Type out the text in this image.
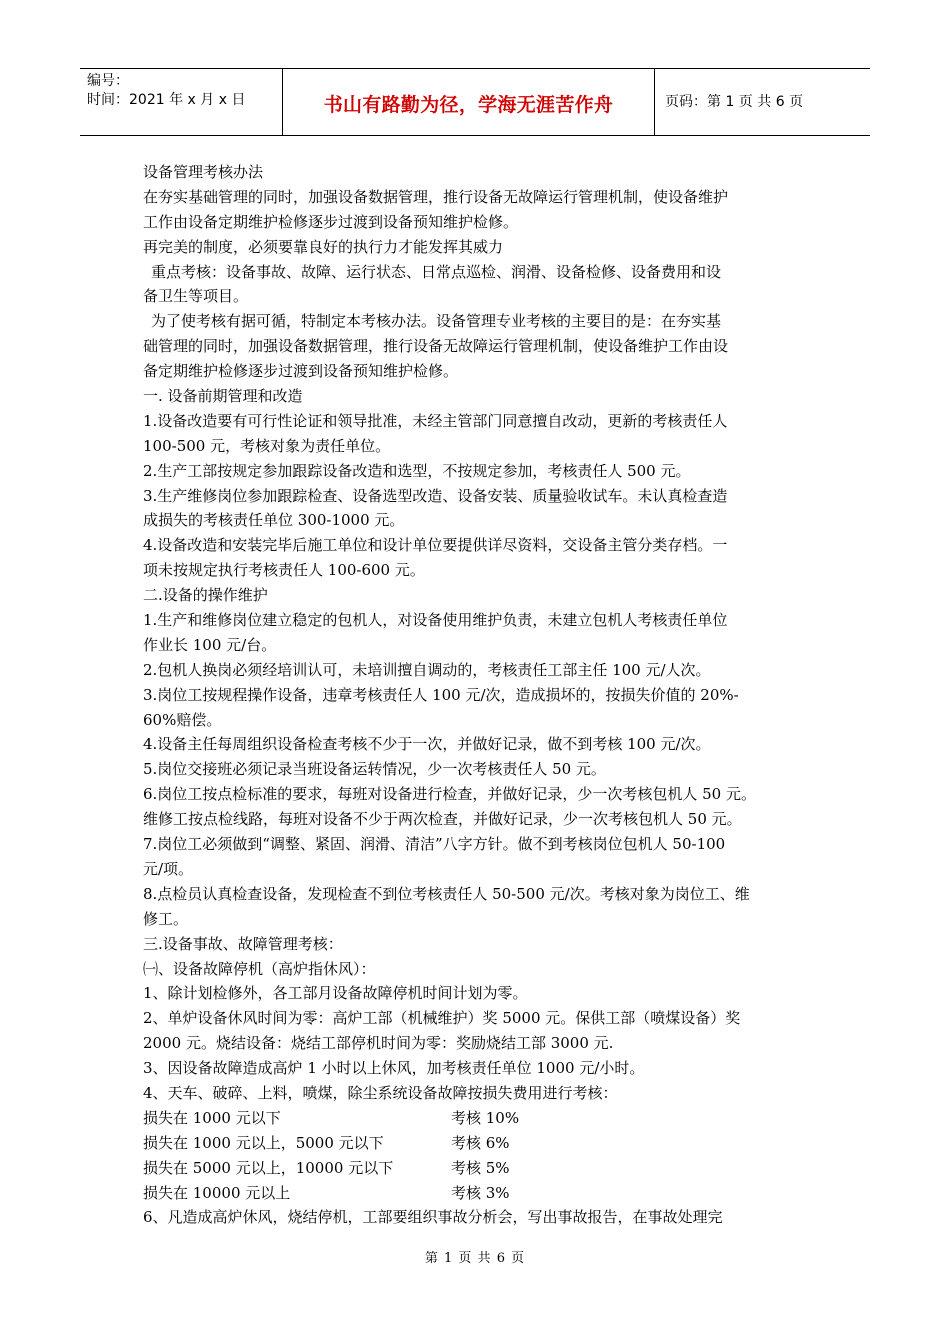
编号：
时间：2021 年 x 月 x 日	书山有路勤为径，学海无涯苦作舟	页码：第 1 页 共 6 页
设备管理考核办法
在夯实基础管理的同时，加强设备数据管理，推行设备无故障运行管理机制，使设备维护
工作由设备定期维护检修逐步过渡到设备预知维护检修。
再完美的制度，必须要靠良好的执行力才能发挥其威力
重点考核：设备事故、故障、运行状态、日常点巡检、润滑、设备检修、设备费用和设
备卫生等项目。
为了使考核有据可循，特制定本考核办法。设备管理专业考核的主要目的是：在夯实基
础管理的同时，加强设备数据管理，推行设备无故障运行管理机制，使设备维护工作由设
备定期维护检修逐步过渡到设备预知维护检修。
一. 设备前期管理和改造
1.设备改造要有可行性论证和领导批准，未经主管部门同意擅自改动，更新的考核责任人
100-500 元，考核对象为责任单位。
2.生产工部按规定参加跟踪设备改造和选型，不按规定参加，考核责任人 500 元。
3.生产维修岗位参加跟踪检查、设备选型改造、设备安装、质量验收试车。未认真检查造
成损失的考核责任单位 300-1000 元。
4.设备改造和安装完毕后施工单位和设计单位要提供详尽资料，交设备主管分类存档。一
项未按规定执行考核责任人 100-600 元。
二.设备的操作维护
1.生产和维修岗位建立稳定的包机人，对设备使用维护负责，未建立包机人考核责任单位
作业长 100 元/台。
2.包机人换岗必须经培训认可，未培训擅自调动的，考核责任工部主任 100 元/人次。
3.岗位工按规程操作设备，违章考核责任人 100 元/次，造成损坏的，按损失价值的 20%-
60%赔偿。
4.设备主任每周组织设备检查考核不少于一次，并做好记录，做不到考核 100 元/次。
5.岗位交接班必须记录当班设备运转情况，少一次考核责任人 50 元。
6.岗位工按点检标准的要求，每班对设备进行检查，并做好记录，少一次考核包机人 50 元。
维修工按点检线路，每班对设备不少于两次检查，并做好记录，少一次考核包机人 50 元。
7.岗位工必须做到“调整、紧固、润滑、清洁”八字方针。做不到考核岗位包机人 50-100
元/项。
8.点检员认真检查设备，发现检查不到位考核责任人 50-500 元/次。考核对象为岗位工、维
修工。
三.设备事故、故障管理考核：
㈠、设备故障停机（高炉指休风）：
1、除计划检修外，各工部月设备故障停机时间计划为零。
2、单炉设备休风时间为零：高炉工部（机械维护）奖 5000 元。保供工部（喷煤设备）奖
2000 元。烧结设备：烧结工部停机时间为零：奖励烧结工部 3000 元.
3、因设备故障造成高炉 1 小时以上休风，加考核责任单位 1000 元/小时。
4、天车、破碎、上料，喷煤，除尘系统设备故障按损失费用进行考核：
损失在 1000 元以下	考核 10%
损失在 1000 元以上，5000 元以下	考核 6%
损失在 5000 元以上，10000 元以下	考核 5%
损失在 10000 元以上	考核 3%
6、凡造成高炉休风，烧结停机，工部要组织事故分析会，写出事故报告，在事故处理完
第 1 页 共 6 页
